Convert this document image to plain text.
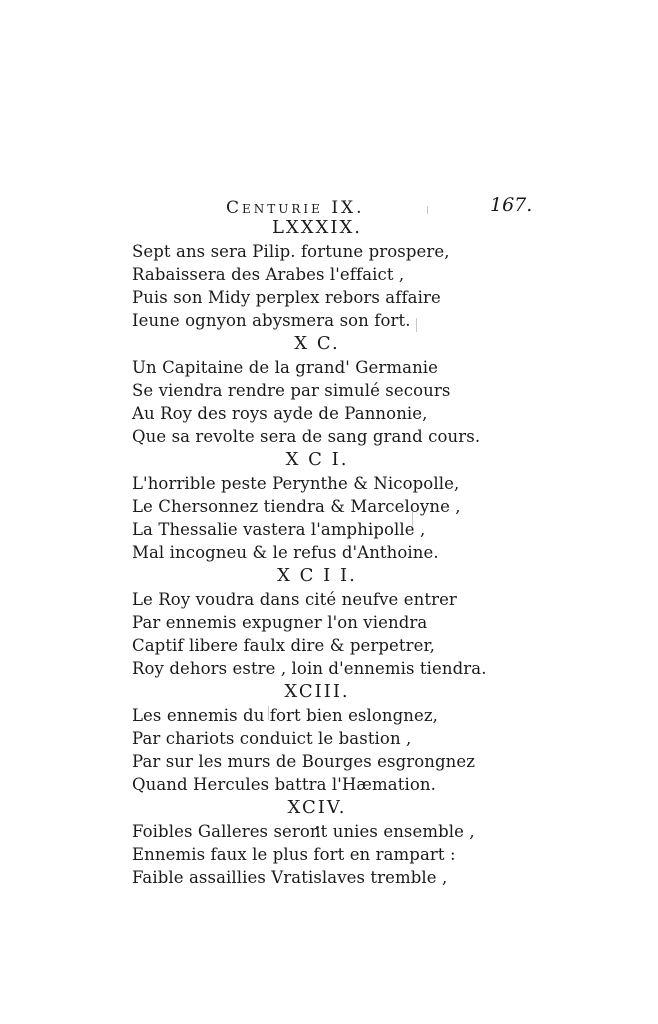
Centurie IX.	167.
LXXXIX.
Sept ans sera Pilip. fortune prospere,
Rabaissera des Arabes l'effaict ,
Puis son Midy perplex rebors affaire
Ieune ognyon abysmera son fort.
X C.
Un Capitaine de la grand' Germanie
Se viendra rendre par simulé secours
Au Roy des roys ayde de Pannonie,
Que sa revolte sera de sang grand cours.
X C I.
L'horrible peste Perynthe & Nicopolle,
Le Chersonnez tiendra & Marceloyne ,
La Thessalie vastera l'amphipolle ,
Mal incogneu & le refus d'Anthoine.
X C I I.
Le Roy voudra dans cité neufve entrer
Par ennemis expugner l'on viendra
Captif libere faulx dire & perpetrer,
Roy dehors estre , loin d'ennemis tiendra.
XCIII.
Les ennemis du fort bien eslongnez,
Par chariots conduict le bastion ,
Par sur les murs de Bourges esgrongnez
Quand Hercules battra l'Hæmation.
XCIV.
Foibles Galleres seront unies ensemble ,
Ennemis faux le plus fort en rampart :
Faible assaillies Vratislaves tremble ,
